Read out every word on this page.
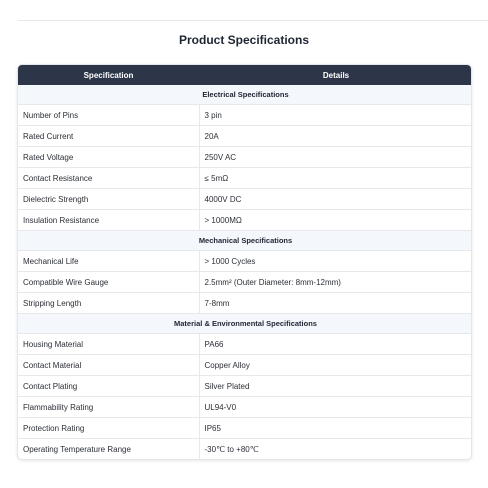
Product Specifications
Specification	Details
Electrical Specifications	
Number of Pins	3 pin
Rated Current	20A
Rated Voltage	250V AC
Contact Resistance	≤ 5mΩ
Dielectric Strength	4000V DC
Insulation Resistance	> 1000MΩ
Mechanical Specifications	
Mechanical Life	> 1000 Cycles
Compatible Wire Gauge	2.5mm² (Outer Diameter: 8mm-12mm)
Stripping Length	7-8mm
Material & Environmental Specifications	
Housing Material	PA66
Contact Material	Copper Alloy
Contact Plating	Silver Plated
Flammability Rating	UL94-V0
Protection Rating	IP65
Operating Temperature Range	-30℃ to +80℃
